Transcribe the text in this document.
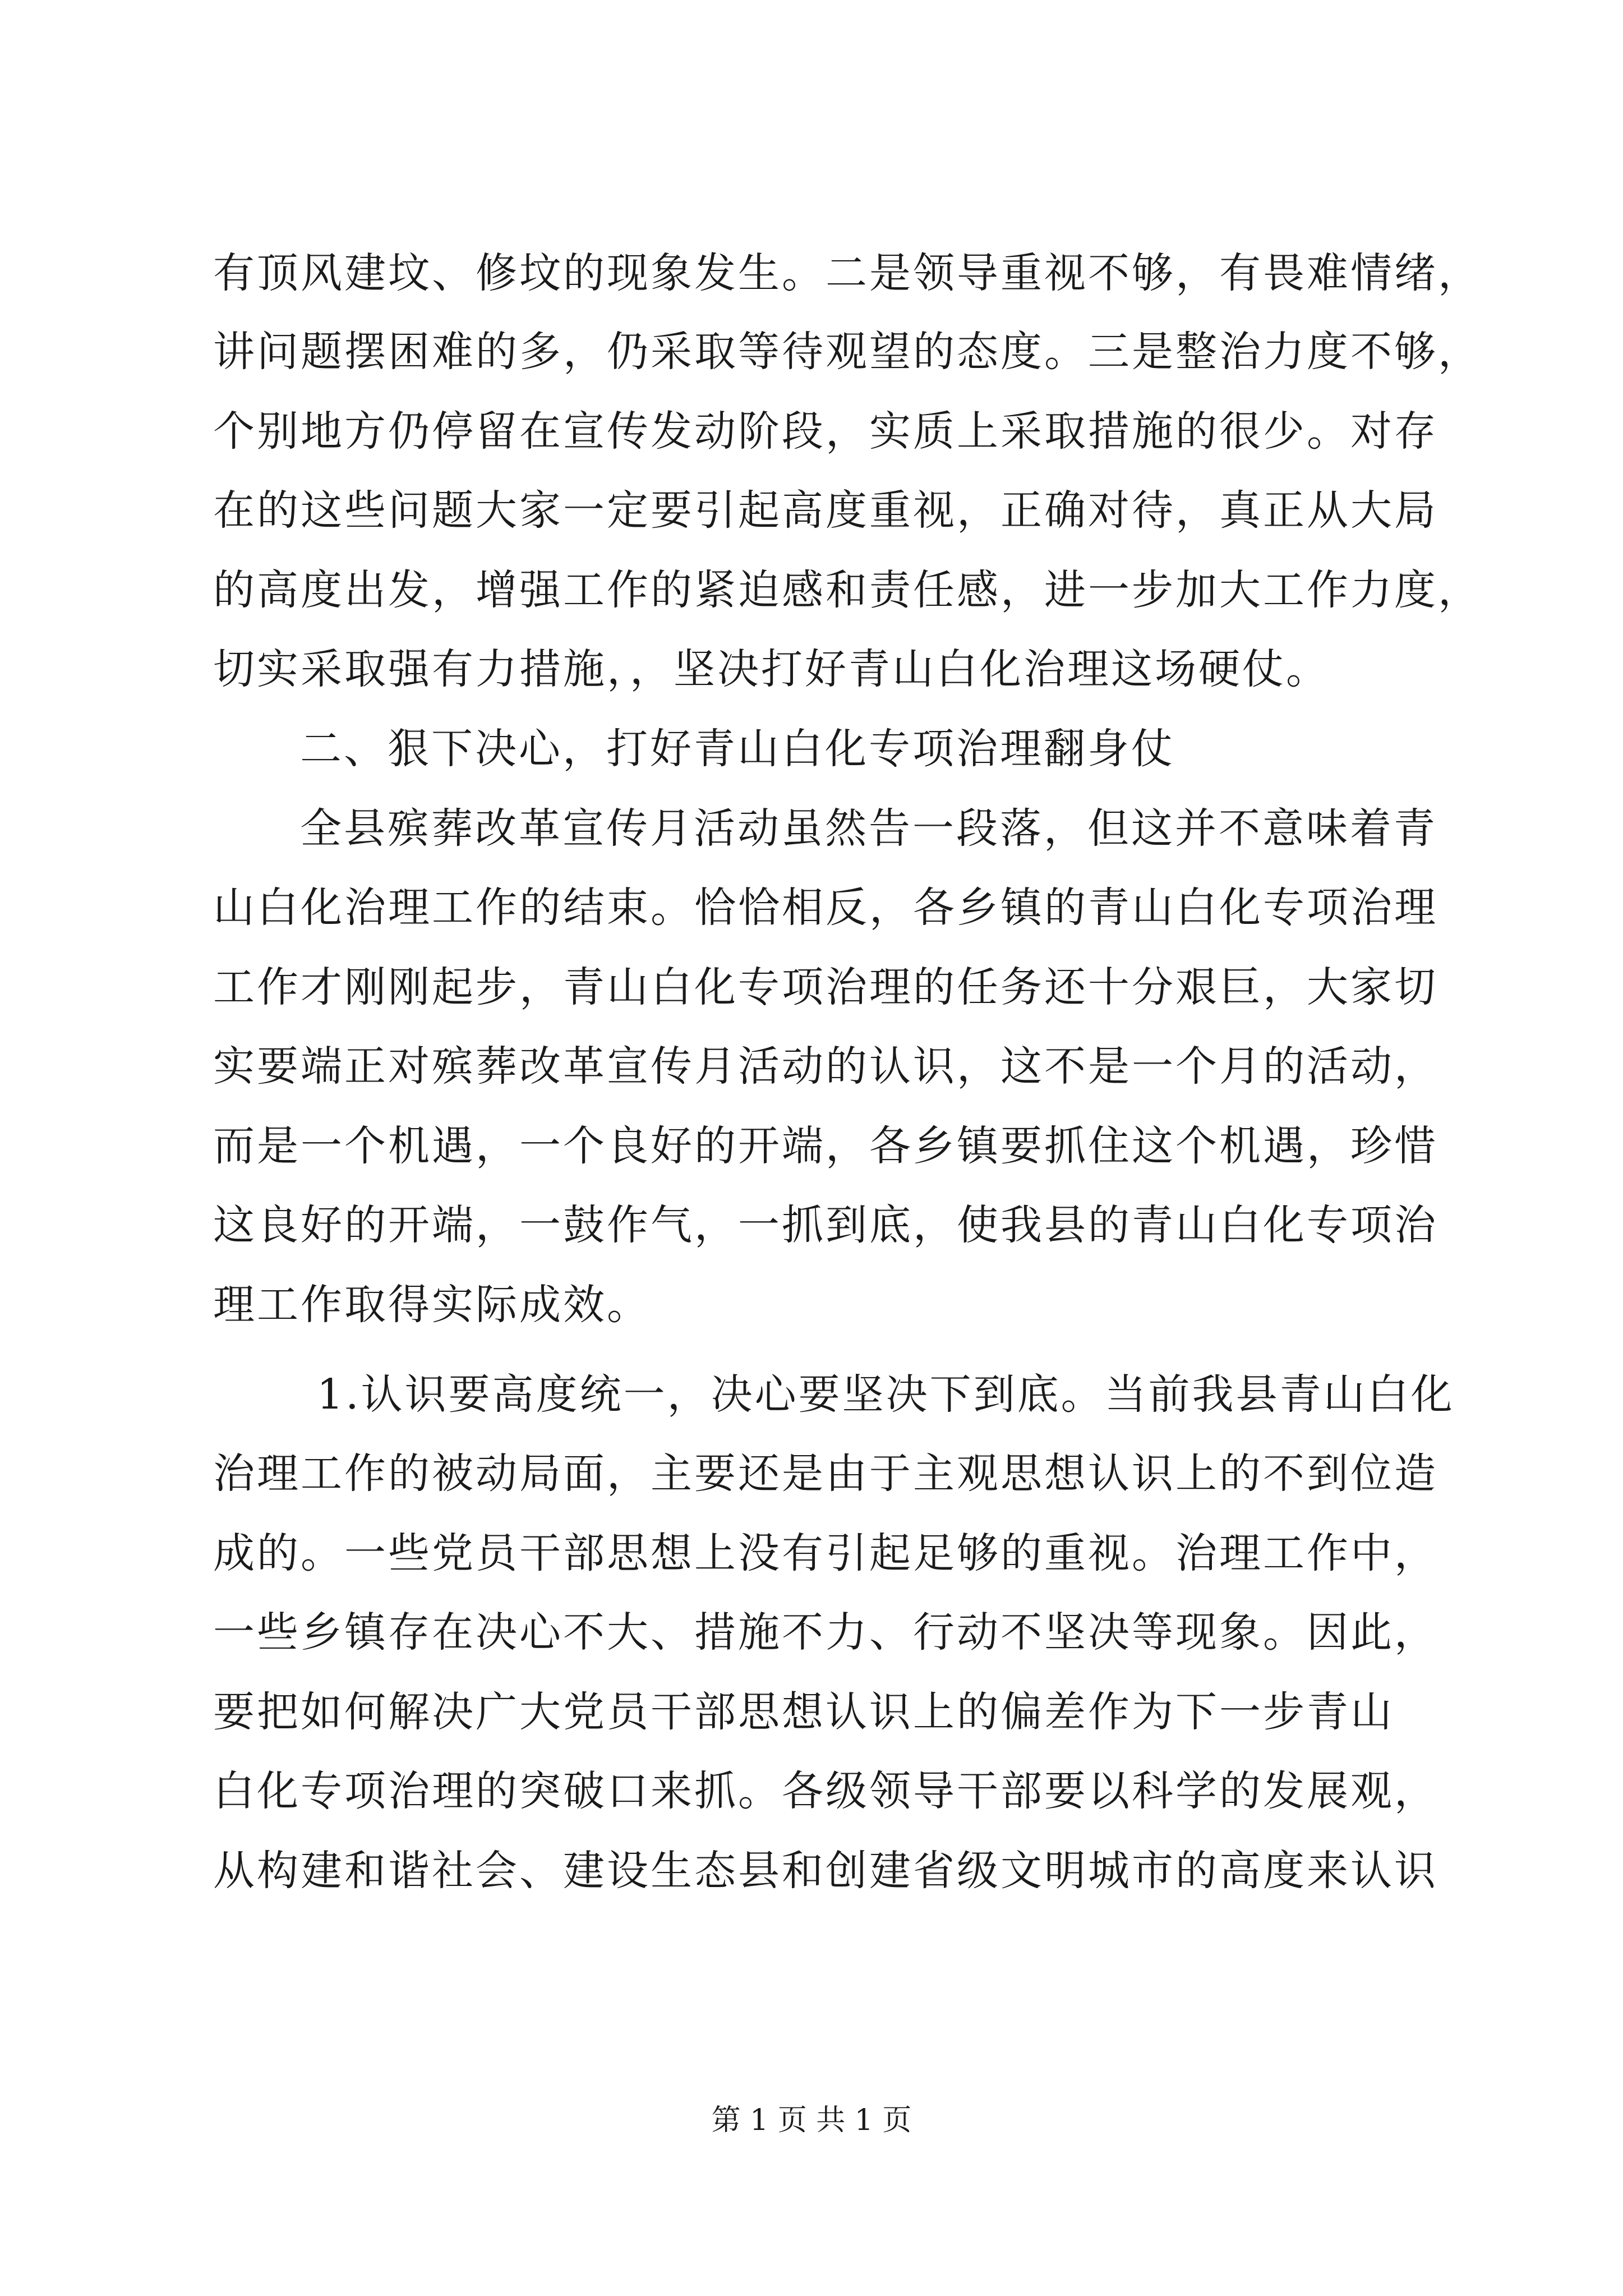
有顶风建坟、修坟的现象发生。二是领导重视不够，有畏难情绪，
讲问题摆困难的多，仍采取等待观望的态度。三是整治力度不够，
个别地方仍停留在宣传发动阶段，实质上采取措施的很少。对存
在的这些问题大家一定要引起高度重视，正确对待，真正从大局
的高度出发，增强工作的紧迫感和责任感，进一步加大工作力度，
切实采取强有力措施，，坚决打好青山白化治理这场硬仗。
二、狠下决心，打好青山白化专项治理翻身仗
全县殡葬改革宣传月活动虽然告一段落，但这并不意味着青
山白化治理工作的结束。恰恰相反，各乡镇的青山白化专项治理
工作才刚刚起步，青山白化专项治理的任务还十分艰巨，大家切
实要端正对殡葬改革宣传月活动的认识，这不是一个月的活动，
而是一个机遇，一个良好的开端，各乡镇要抓住这个机遇，珍惜
这良好的开端，一鼓作气，一抓到底，使我县的青山白化专项治
理工作取得实际成效。
1.认识要高度统一，决心要坚决下到底。当前我县青山白化
治理工作的被动局面，主要还是由于主观思想认识上的不到位造
成的。一些党员干部思想上没有引起足够的重视。治理工作中，
一些乡镇存在决心不大、措施不力、行动不坚决等现象。因此，
要把如何解决广大党员干部思想认识上的偏差作为下一步青山
白化专项治理的突破口来抓。各级领导干部要以科学的发展观，
从构建和谐社会、建设生态县和创建省级文明城市的高度来认识
第 1 页 共 1 页
